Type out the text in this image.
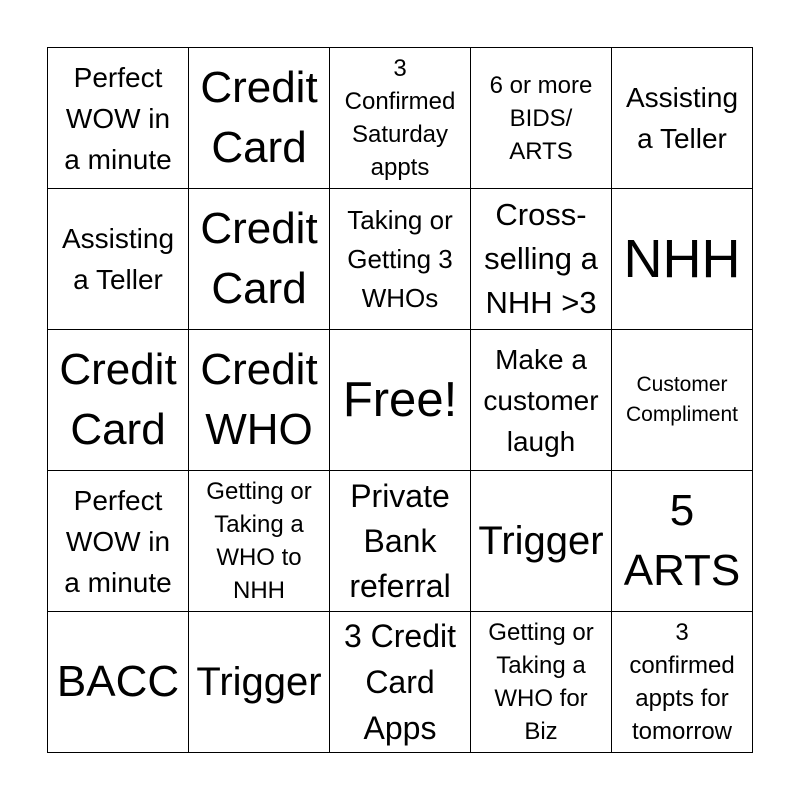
Perfect
WOW in
a minute
Credit
Card
3
Confirmed
Saturday
appts
6 or more
BIDS/
ARTS
Assisting
a Teller
Assisting
a Teller
Credit
Card
Taking or
Getting 3
WHOs
Cross-
selling a
NHH >3
NHH
Credit
Card
Credit
WHO
Free!
Make a
customer
laugh
Customer
Compliment
Perfect
WOW in
a minute
Getting or
Taking a
WHO to
NHH
Private
Bank
referral
Trigger
5
ARTS
BACC Trigger
3 Credit
Card
Apps
Getting or
Taking a
WHO for
Biz
3
confirmed
appts for
tomorrow
